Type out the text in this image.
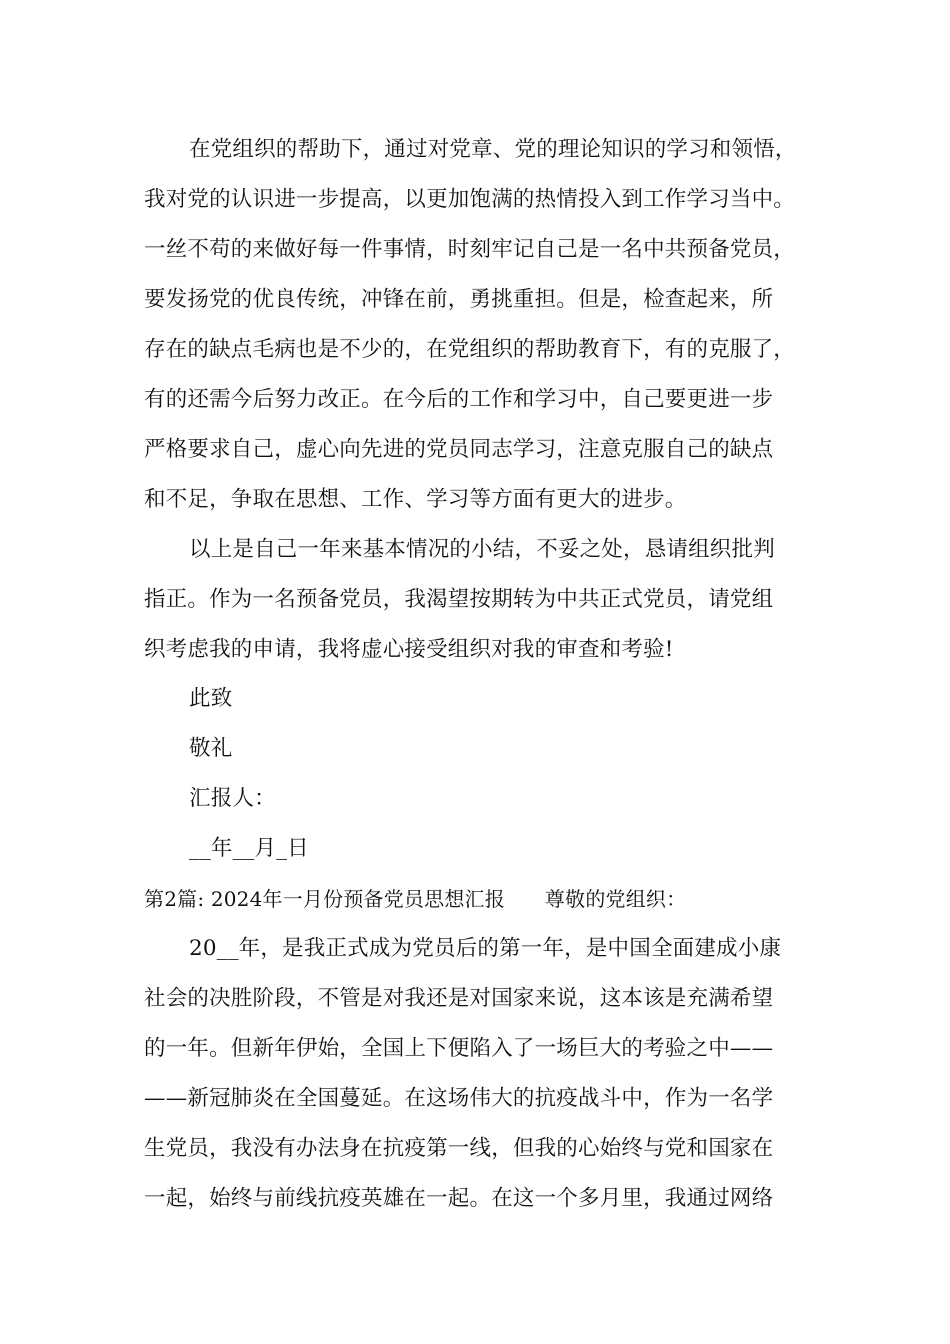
在党组织的帮助下，通过对党章、党的理论知识的学习和领悟，
我对党的认识进一步提高，以更加饱满的热情投入到工作学习当中。
一丝不苟的来做好每一件事情，时刻牢记自己是一名中共预备党员，
要发扬党的优良传统，冲锋在前，勇挑重担。但是，检查起来，所
存在的缺点毛病也是不少的，在党组织的帮助教育下，有的克服了，
有的还需今后努力改正。在今后的工作和学习中，自己要更进一步
严格要求自己，虚心向先进的党员同志学习，注意克服自己的缺点
和不足，争取在思想、工作、学习等方面有更大的进步。
以上是自己一年来基本情况的小结，不妥之处，恳请组织批判
指正。作为一名预备党员，我渴望按期转为中共正式党员，请党组
织考虑我的申请，我将虚心接受组织对我的审查和考验!
此致
敬礼
汇报人：
__年__月_日
第2篇: 2024年一月份预备党员思想汇报 尊敬的党组织：
20__年，是我正式成为党员后的第一年，是中国全面建成小康
社会的决胜阶段，不管是对我还是对国家来说，这本该是充满希望
的一年。但新年伊始，全国上下便陷入了一场巨大的考验之中——
——新冠肺炎在全国蔓延。在这场伟大的抗疫战斗中，作为一名学
生党员，我没有办法身在抗疫第一线，但我的心始终与党和国家在
一起，始终与前线抗疫英雄在一起。在这一个多月里，我通过网络
